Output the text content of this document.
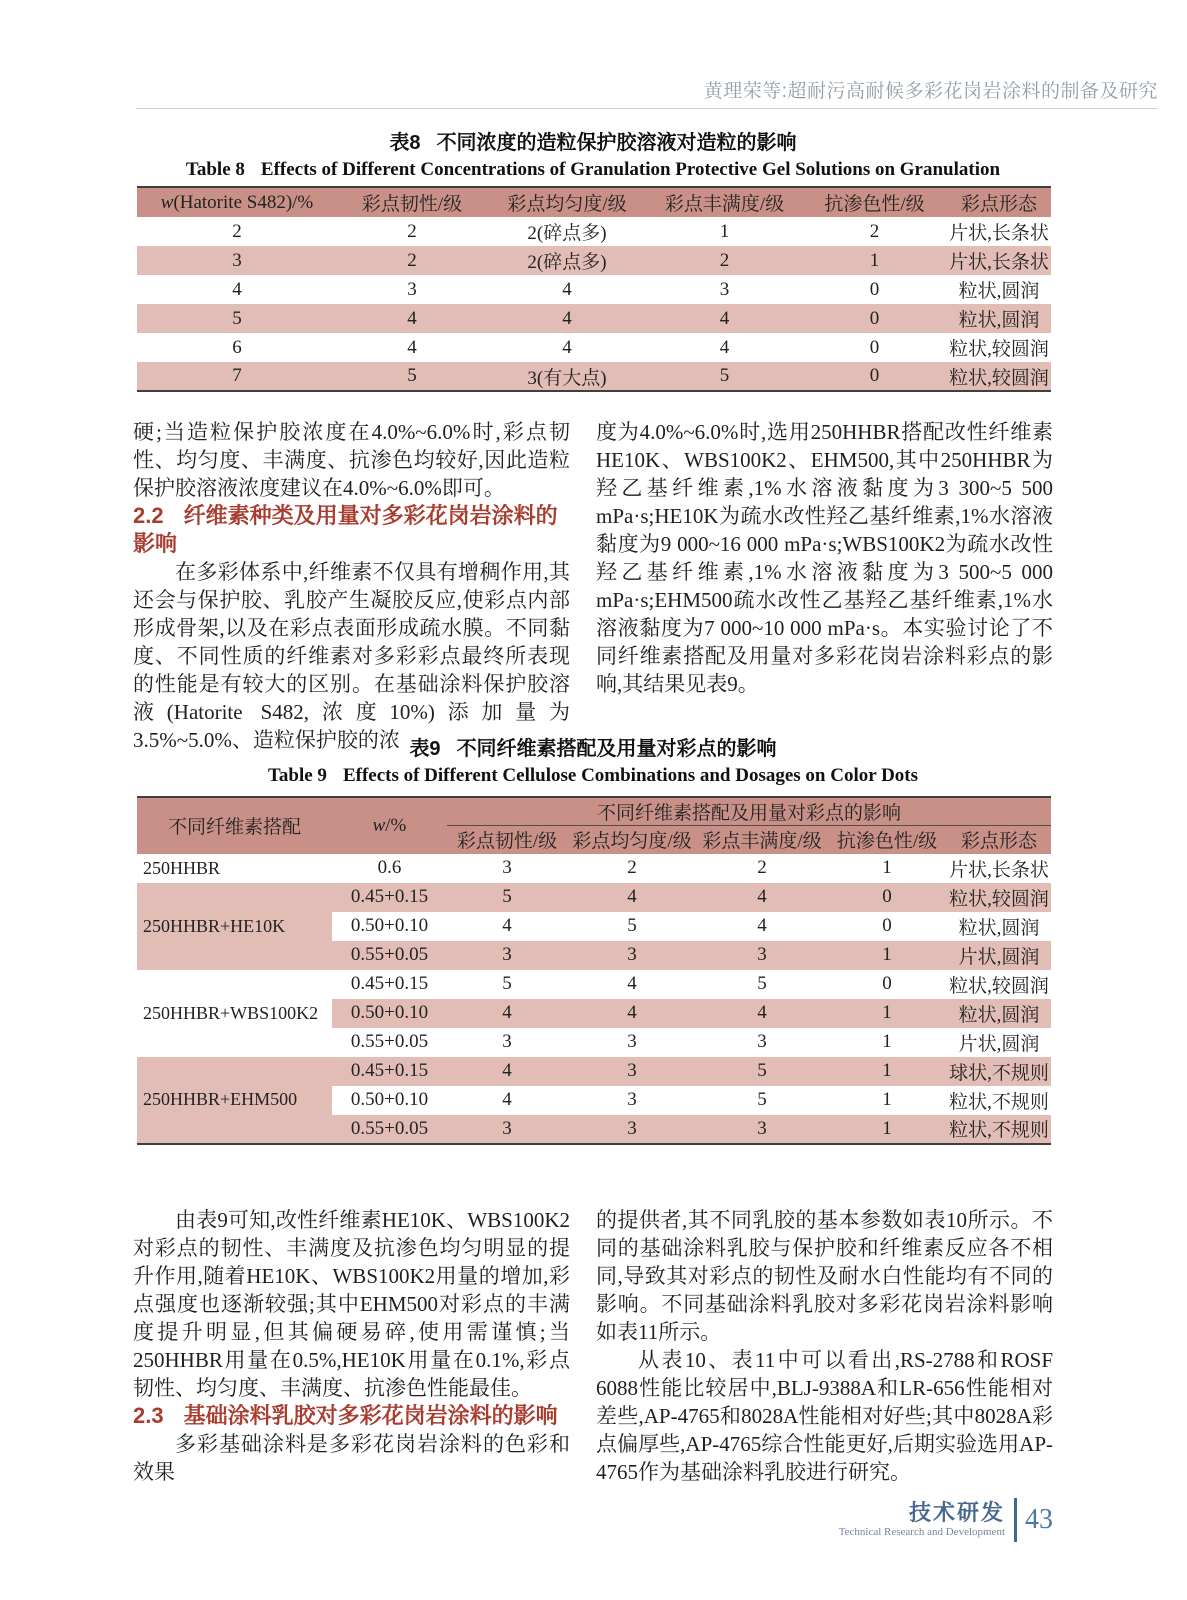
黄理荣等:超耐污高耐候多彩花岗岩涂料的制备及研究
表8 不同浓度的造粒保护胶溶液对造粒的影响
Table 8 Effects of Different Concentrations of Granulation Protective Gel Solutions on Granulation
w(Hatorite S482)/%	彩点韧性/级	彩点均匀度/级	彩点丰满度/级	抗渗色性/级	彩点形态
2	2	2(碎点多)	1	2	片状,长条状
3	2	2(碎点多)	2	1	片状,长条状
4	3	4	3	0	粒状,圆润
5	4	4	4	0	粒状,圆润
6	4	4	4	0	粒状,较圆润
7	5	3(有大点)	5	0	粒状,较圆润

硬;当造粒保护胶浓度在4.0%~6.0%时,彩点韧性、均匀度、丰满度、抗渗色均较好,因此造粒保护胶溶液浓度建议在4.0%~6.0%即可。

2.2 纤维素种类及用量对多彩花岗岩涂料的影响

在多彩体系中,纤维素不仅具有增稠作用,其还会与保护胶、乳胶产生凝胶反应,使彩点内部形成骨架,以及在彩点表面形成疏水膜。不同黏度、不同性质的纤维素对多彩彩点最终所表现的性能是有较大的区别。在基础涂料保护胶溶液(Hatorite S482,浓度10%)添加量为3.5%~5.0%、造粒保护胶的浓

度为4.0%~6.0%时,选用250HHBR搭配改性纤维素HE10K、WBS100K2、EHM500,其中250HHBR为羟乙基纤维素,1%水溶液黏度为3 300~5 500 mPa·s;HE10K为疏水改性羟乙基纤维素,1%水溶液黏度为9 000~16 000 mPa·s;WBS100K2为疏水改性羟乙基纤维素,1%水溶液黏度为3 500~5 000 mPa·s;EHM500疏水改性乙基羟乙基纤维素,1%水溶液黏度为7 000~10 000 mPa·s。本实验讨论了不同纤维素搭配及用量对多彩花岗岩涂料彩点的影响,其结果见表9。

表9 不同纤维素搭配及用量对彩点的影响
Table 9 Effects of Different Cellulose Combinations and Dosages on Color Dots
不同纤维素搭配	w/%	不同纤维素搭配及用量对彩点的影响				
		彩点韧性/级	彩点均匀度/级	彩点丰满度/级	抗渗色性/级	彩点形态
250HHBR	0.6	3	2	2	1	片状,长条状
250HHBR+HE10K	0.45+0.15	5	4	4	0	粒状,较圆润
	0.50+0.10	4	5	4	0	粒状,圆润
	0.55+0.05	3	3	3	1	片状,圆润
250HHBR+WBS100K2	0.45+0.15	5	4	5	0	粒状,较圆润
	0.50+0.10	4	4	4	1	粒状,圆润
	0.55+0.05	3	3	3	1	片状,圆润
250HHBR+EHM500	0.45+0.15	4	3	5	1	球状,不规则
	0.50+0.10	4	3	5	1	粒状,不规则
	0.55+0.05	3	3	3	1	粒状,不规则

由表9可知,改性纤维素HE10K、WBS100K2对彩点的韧性、丰满度及抗渗色均匀明显的提升作用,随着HE10K、WBS100K2用量的增加,彩点强度也逐渐较强;其中EHM500对彩点的丰满度提升明显,但其偏硬易碎,使用需谨慎;当250HHBR用量在0.5%,HE10K用量在0.1%,彩点韧性、均匀度、丰满度、抗渗色性能最佳。

2.3 基础涂料乳胶对多彩花岗岩涂料的影响

多彩基础涂料是多彩花岗岩涂料的色彩和效果

的提供者,其不同乳胶的基本参数如表10所示。不同的基础涂料乳胶与保护胶和纤维素反应各不相同,导致其对彩点的韧性及耐水白性能均有不同的影响。不同基础涂料乳胶对多彩花岗岩涂料影响如表11所示。

从表10、表11中可以看出,RS-2788和ROSF 6088性能比较居中,BLJ-9388A和LR-656性能相对差些,AP-4765和8028A性能相对好些;其中8028A彩点偏厚些,AP-4765综合性能更好,后期实验选用AP-4765作为基础涂料乳胶进行研究。

技术研发
Technical Research and Development 43
